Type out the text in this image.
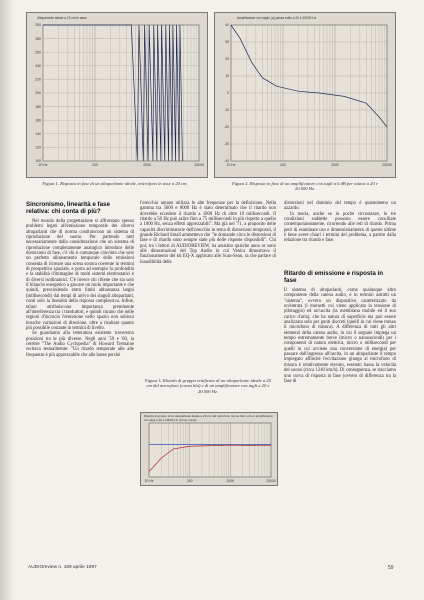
Altoparlante ideale a 20 cm in asse
300
280
260
240
220
200
180
160
140
120
100
20 Hz	200	2000	20000
Figura 1. Risposta in fase di un altoparlante ideale, microfono in asse a 20 cm.
Amplificatore con taglio (a) passa sotto a 20 e 20000 Hz
40
30
20
10
0
-10
-20
-30
-40
20 Hz	200	2000	20000
Figura 2. Risposta in fase di un amplificatore con tagli a 6 dB per ottava a 20 e 20.000 Hz.
Sincronismo, linearità e fase relativa: chi conta di più?

Nel mondo della progettazione si affrontano spesso problemi legati all'emissione temporale dei diversi altoparlanti che di norma costituiscono un sistema di riproduzione del suono. Pur partendo tutti necessariamente dalla considerazione che un sistema di riproduzione completamente analogico introduce delle distorsioni di fase, c'è chi è comunque convinto che solo un perfetto allineamento temporale delle emissioni consenta di ricreare una scena sonora coerente in termini di prospettiva spaziale, e porta ad esempio la profondità e la stabilità d'immagine di molti sistemi elettrostatici e di diversi isodinamici. C'è invece chi ritiene che sia solo il bilancio energetico a giocare un ruolo importante e che quindi, prescindendo entro limiti abbastanza larghi (millisecondi) dai tempi di arrivo dei singoli altoparlanti, conti solo la linearità della risposta complessiva. Infine, taluni attribuiscono importanza preminente all'interferenza tra i trasduttori, e quindi curano che nelle regioni d'incrocio l'emissione nello spazio non subisca brusche variazioni di direzione, oltre a risultare quanto più possibile costante in termini di livello.

Se guardiamo alla letteratura esistente troveremo posizioni tra le più diverse. Negli anni '50 e '60, la celebre "The Audio Cyclopedia" di Howard Tremaine recitava testualmente: "Un ritardo temporale alle alte frequenze è più apprezzabile che alle basse perché

l'orecchio umano utilizza le alte frequenze per la definizione. Nella gamma tra 5000 e 8000 Hz è stato determinato che il ritardo non dovrebbe eccedere il ritardo a 1000 Hz di oltre 10 millisecondi. Il ritardo a 50 Hz può salire fino a 75 millisecondi in più rispetto a quello a 1000 Hz, senza effetti apprezzabili". Ma già nel '71, a proposito delle capacità discriminatorie dell'orecchio in tema di distorsioni temporali, il grande Richard Small ammetteva che "le domande circa le distorsioni di fase e di ritardo sono sempre state più delle risposte disponibili". Chi poi, tra i lettori di AUDIOREVIEW, ha assistito qualche anno or sono alle dimostrazioni del Top Audio in cui Venira dimostrava il funzionamento del kit EQ-X applicato alle Scan-Sean, sa che parlare di inaudibilità delle

Figura 3. Ritardo di gruppo rettificato di un altoparlante ideale a 20 cm dal microfono (curva blu) e di un amplificatore con tagli a 20 e 20.000 Hz.
Ritardo di gruppo di un altoparlante ideale a 20 cm dal microfono (curva blu) e di un amplificatore con tagli a 20 e 20000 Hz (curva rossa)
20 Hz	200	2000	20000

distorsioni nel dominio del tempo è quantomeno un azzardo.

In teoria, anche se in poche circostanze, le tre condizioni suddette possono essere conciliate contemporaneamente, ricorrendo alle reti di ritardo. Prima però di esaminare uso e dimensionamento di queste ultime è bene avere chiari i termini del problema, a partire dalla relazione tra ritardo e fase.

Ritardo di emissione e risposta in fase

Il sistema di altoparlanti, come qualunque altro componente della catena audio, è in termini astratti un "sistema", ovvero un dispositivo caratterizzato da un'entrata (i morsetti cui viene applicata la tensione di pilotaggio) ed un'uscita (la membrana mobile ed il suo carico d'aria), che ha natura di superficie ma può essere analizzata solo per punti discreti (quelli in cui viene messo il microfono di misura). A differenza di tutti gli altri elementi della catena audio, in cui il segnale impiega un tempo estremamente breve (micro o nanosecondi) per i componenti di natura elettrica, micro o millisecondi per quelli in cui avviene una conversione di energia) per passare dall'ingresso all'uscita, in un altoparlante il tempo impiegato affinché l'eccitazione giunga al microfono di misura è relativamente elevato, essendo bassa la velocità del suono (circa 1240 km/h). Di conseguenza, se tracciamo uno curva di risposta in fase (ovvero di differenza tra la fase di

AUDIOreview n. 169 aprile 1997	59
